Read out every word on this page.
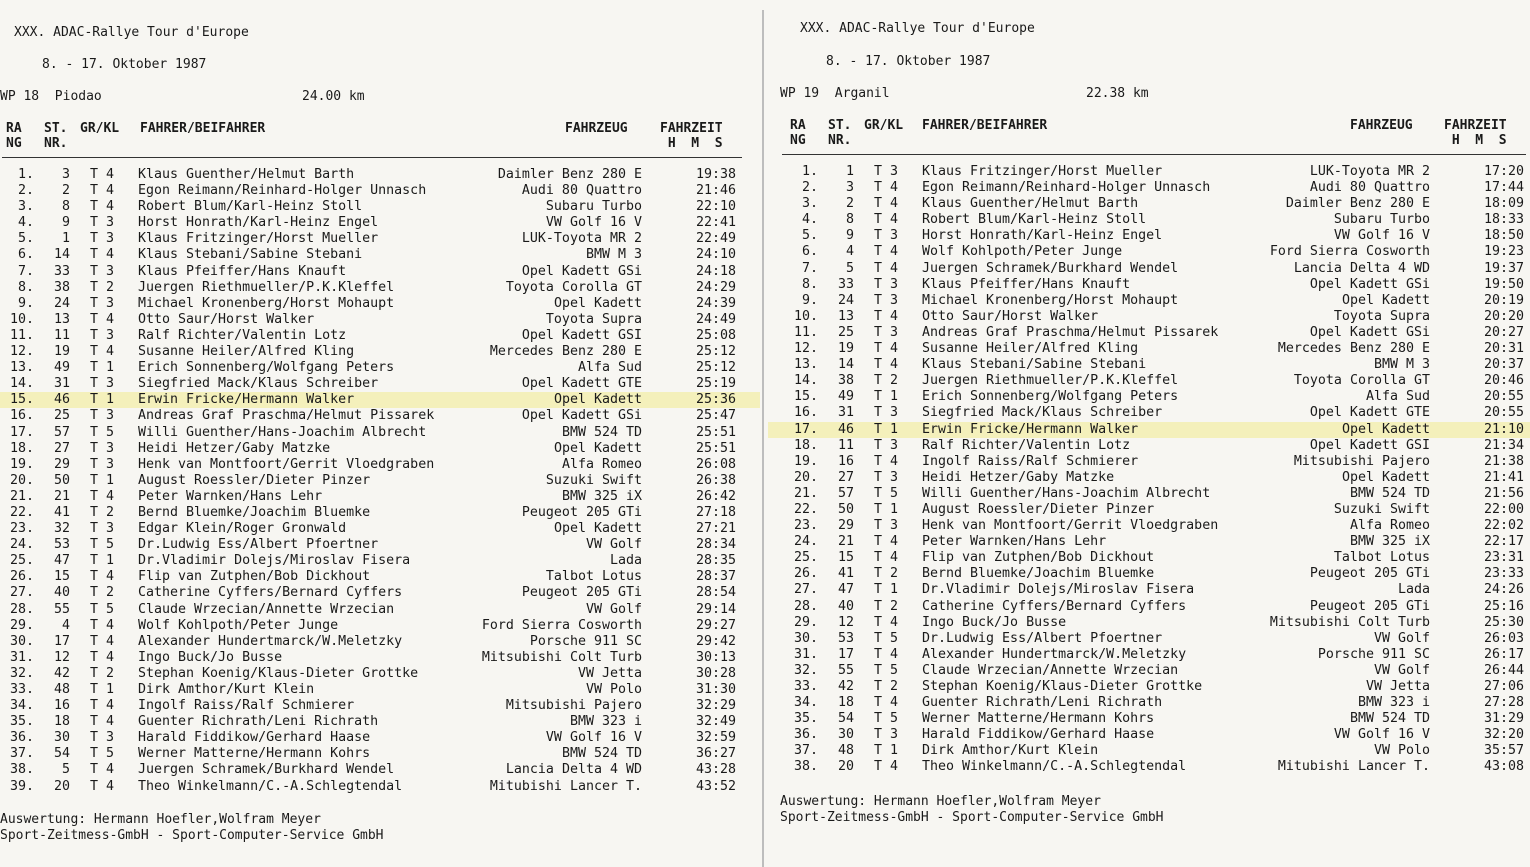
XXX. ADAC-Rallye Tour d'Europe
8. - 17. Oktober 1987
WP 18  Piodao	24.00 km
RA
NG
ST.
NR.
GR/KL FAHRER/BEIFAHRER	FAHRZEUG FAHRZEIT
H  M  S
1.	3 T 4 Klaus Guenther/Helmut Barth	Daimler Benz 280 E	19:38
2.	2 T 4 Egon Reimann/Reinhard-Holger Unnasch	Audi 80 Quattro	21:46
3.	8 T 4 Robert Blum/Karl-Heinz Stoll	Subaru Turbo	22:10
4.	9 T 3 Horst Honrath/Karl-Heinz Engel	VW Golf 16 V	22:41
5.	1 T 3 Klaus Fritzinger/Horst Mueller	LUK-Toyota MR 2	22:49
6.	14 T 4 Klaus Stebani/Sabine Stebani	BMW M 3	24:10
7.	33 T 3 Klaus Pfeiffer/Hans Knauft	Opel Kadett GSi	24:18
8.	38 T 2 Juergen Riethmueller/P.K.Kleffel	Toyota Corolla GT	24:29
9.	24 T 3 Michael Kronenberg/Horst Mohaupt	Opel Kadett	24:39
10.	13 T 4 Otto Saur/Horst Walker	Toyota Supra	24:49
11.	11 T 3 Ralf Richter/Valentin Lotz	Opel Kadett GSI	25:08
12.	19 T 4 Susanne Heiler/Alfred Kling	Mercedes Benz 280 E	25:12
13.	49 T 1 Erich Sonnenberg/Wolfgang Peters	Alfa Sud	25:12
14.	31 T 3 Siegfried Mack/Klaus Schreiber	Opel Kadett GTE	25:19
15.	46 T 1 Erwin Fricke/Hermann Walker	Opel Kadett	25:36
16.	25 T 3 Andreas Graf Praschma/Helmut Pissarek	Opel Kadett GSi	25:47
17.	57 T 5 Willi Guenther/Hans-Joachim Albrecht	BMW 524 TD	25:51
18.	27 T 3 Heidi Hetzer/Gaby Matzke	Opel Kadett	25:51
19.	29 T 3 Henk van Montfoort/Gerrit Vloedgraben	Alfa Romeo	26:08
20.	50 T 1 August Roessler/Dieter Pinzer	Suzuki Swift	26:38
21.	21 T 4 Peter Warnken/Hans Lehr	BMW 325 iX	26:42
22.	41 T 2 Bernd Bluemke/Joachim Bluemke	Peugeot 205 GTi	27:18
23.	32 T 3 Edgar Klein/Roger Gronwald	Opel Kadett	27:21
24.	53 T 5 Dr.Ludwig Ess/Albert Pfoertner	VW Golf	28:34
25.	47 T 1 Dr.Vladimir Dolejs/Miroslav Fisera	Lada	28:35
26.	15 T 4 Flip van Zutphen/Bob Dickhout	Talbot Lotus	28:37
27.	40 T 2 Catherine Cyffers/Bernard Cyffers	Peugeot 205 GTi	28:54
28.	55 T 5 Claude Wrzecian/Annette Wrzecian	VW Golf	29:14
29.	4 T 4 Wolf Kohlpoth/Peter Junge	Ford Sierra Cosworth	29:27
30.	17 T 4 Alexander Hundertmarck/W.Meletzky	Porsche 911 SC	29:42
31.	12 T 4 Ingo Buck/Jo Busse	Mitsubishi Colt Turb	30:13
32.	42 T 2 Stephan Koenig/Klaus-Dieter Grottke	VW Jetta	30:28
33.	48 T 1 Dirk Amthor/Kurt Klein	VW Polo	31:30
34.	16 T 4 Ingolf Raiss/Ralf Schmierer	Mitsubishi Pajero	32:29
35.	18 T 4 Guenter Richrath/Leni Richrath	BMW 323 i	32:49
36.	30 T 3 Harald Fiddikow/Gerhard Haase	VW Golf 16 V	32:59
37.	54 T 5 Werner Matterne/Hermann Kohrs	BMW 524 TD	36:27
38.	5 T 4 Juergen Schramek/Burkhard Wendel	Lancia Delta 4 WD	43:28
39.	20 T 4 Theo Winkelmann/C.-A.Schlegtendal	Mitubishi Lancer T.	43:52
Auswertung: Hermann Hoefler,Wolfram Meyer
Sport-Zeitmess-GmbH - Sport-Computer-Service GmbH
XXX. ADAC-Rallye Tour d'Europe
8. - 17. Oktober 1987
WP 19  Arganil	22.38 km
RA
NG
ST.
NR.
GR/KL FAHRER/BEIFAHRER	FAHRZEUG FAHRZEIT
H  M  S
1.	1 T 3 Klaus Fritzinger/Horst Mueller	LUK-Toyota MR 2	17:20
2.	3 T 4 Egon Reimann/Reinhard-Holger Unnasch	Audi 80 Quattro	17:44
3.	2 T 4 Klaus Guenther/Helmut Barth	Daimler Benz 280 E	18:09
4.	8 T 4 Robert Blum/Karl-Heinz Stoll	Subaru Turbo	18:33
5.	9 T 3 Horst Honrath/Karl-Heinz Engel	VW Golf 16 V	18:50
6.	4 T 4 Wolf Kohlpoth/Peter Junge	Ford Sierra Cosworth	19:23
7.	5 T 4 Juergen Schramek/Burkhard Wendel	Lancia Delta 4 WD	19:37
8.	33 T 3 Klaus Pfeiffer/Hans Knauft	Opel Kadett GSi	19:50
9.	24 T 3 Michael Kronenberg/Horst Mohaupt	Opel Kadett	20:19
10.	13 T 4 Otto Saur/Horst Walker	Toyota Supra	20:20
11.	25 T 3 Andreas Graf Praschma/Helmut Pissarek	Opel Kadett GSi	20:27
12.	19 T 4 Susanne Heiler/Alfred Kling	Mercedes Benz 280 E	20:31
13.	14 T 4 Klaus Stebani/Sabine Stebani	BMW M 3	20:37
14.	38 T 2 Juergen Riethmueller/P.K.Kleffel	Toyota Corolla GT	20:46
15.	49 T 1 Erich Sonnenberg/Wolfgang Peters	Alfa Sud	20:55
16.	31 T 3 Siegfried Mack/Klaus Schreiber	Opel Kadett GTE	20:55
17.	46 T 1 Erwin Fricke/Hermann Walker	Opel Kadett	21:10
18.	11 T 3 Ralf Richter/Valentin Lotz	Opel Kadett GSI	21:34
19.	16 T 4 Ingolf Raiss/Ralf Schmierer	Mitsubishi Pajero	21:38
20.	27 T 3 Heidi Hetzer/Gaby Matzke	Opel Kadett	21:41
21.	57 T 5 Willi Guenther/Hans-Joachim Albrecht	BMW 524 TD	21:56
22.	50 T 1 August Roessler/Dieter Pinzer	Suzuki Swift	22:00
23.	29 T 3 Henk van Montfoort/Gerrit Vloedgraben	Alfa Romeo	22:02
24.	21 T 4 Peter Warnken/Hans Lehr	BMW 325 iX	22:17
25.	15 T 4 Flip van Zutphen/Bob Dickhout	Talbot Lotus	23:31
26.	41 T 2 Bernd Bluemke/Joachim Bluemke	Peugeot 205 GTi	23:33
27.	47 T 1 Dr.Vladimir Dolejs/Miroslav Fisera	Lada	24:26
28.	40 T 2 Catherine Cyffers/Bernard Cyffers	Peugeot 205 GTi	25:16
29.	12 T 4 Ingo Buck/Jo Busse	Mitsubishi Colt Turb	25:30
30.	53 T 5 Dr.Ludwig Ess/Albert Pfoertner	VW Golf	26:03
31.	17 T 4 Alexander Hundertmarck/W.Meletzky	Porsche 911 SC	26:17
32.	55 T 5 Claude Wrzecian/Annette Wrzecian	VW Golf	26:44
33.	42 T 2 Stephan Koenig/Klaus-Dieter Grottke	VW Jetta	27:06
34.	18 T 4 Guenter Richrath/Leni Richrath	BMW 323 i	27:28
35.	54 T 5 Werner Matterne/Hermann Kohrs	BMW 524 TD	31:29
36.	30 T 3 Harald Fiddikow/Gerhard Haase	VW Golf 16 V	32:20
37.	48 T 1 Dirk Amthor/Kurt Klein	VW Polo	35:57
38.	20 T 4 Theo Winkelmann/C.-A.Schlegtendal	Mitubishi Lancer T.	43:08
Auswertung: Hermann Hoefler,Wolfram Meyer
Sport-Zeitmess-GmbH - Sport-Computer-Service GmbH
